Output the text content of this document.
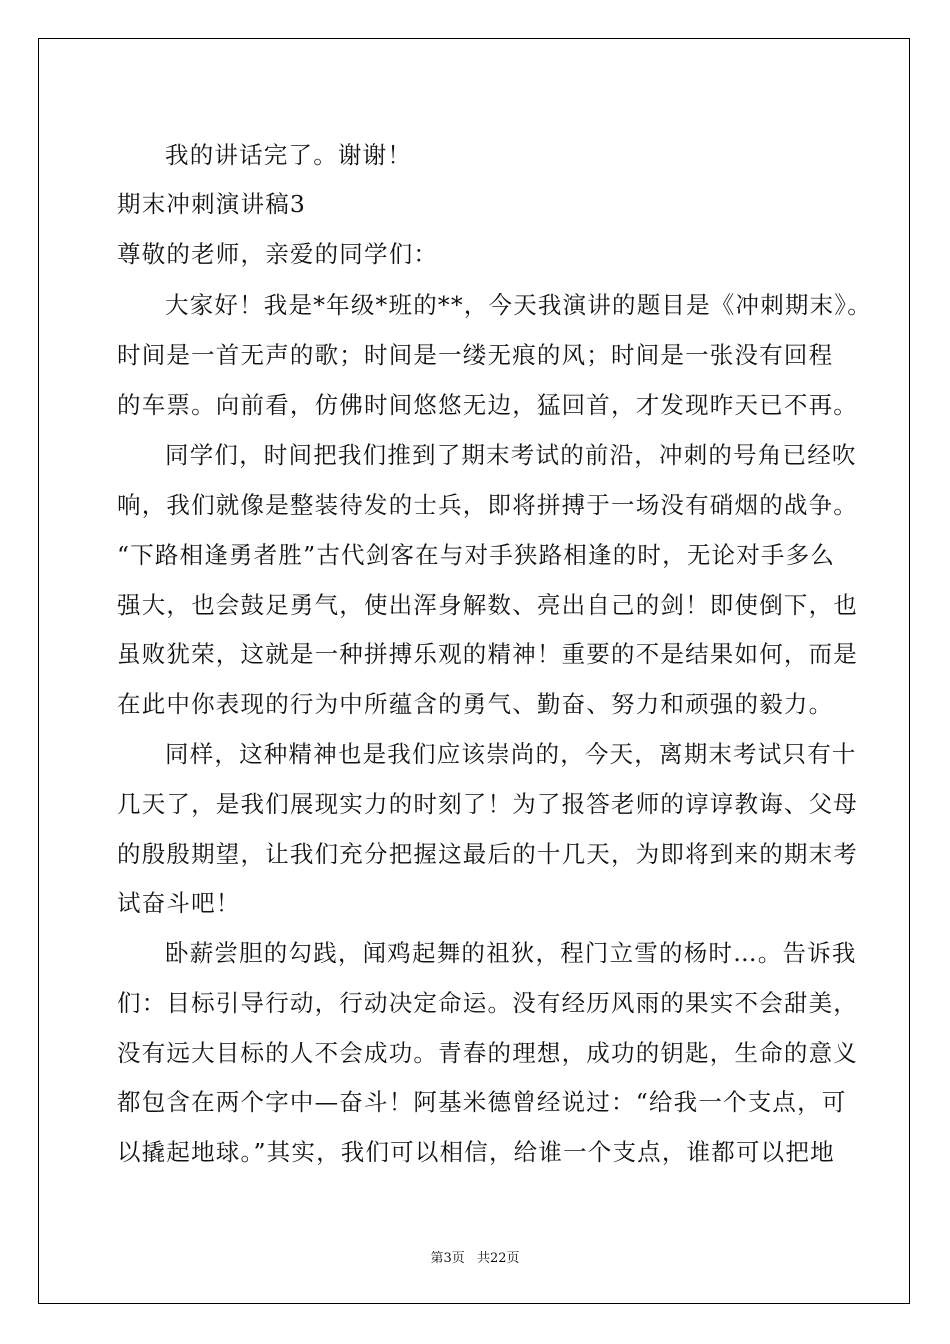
我的讲话完了。谢谢！

期末冲刺演讲稿3

尊敬的老师，亲爱的同学们：

大家好！我是*年级*班的**，今天我演讲的题目是《冲刺期末》。

时间是一首无声的歌；时间是一缕无痕的风；时间是一张没有回程

的车票。向前看，仿佛时间悠悠无边，猛回首，才发现昨天已不再。

同学们，时间把我们推到了期末考试的前沿，冲刺的号角已经吹

响，我们就像是整装待发的士兵，即将拼搏于一场没有硝烟的战争。

“下路相逢勇者胜”古代剑客在与对手狭路相逢的时，无论对手多么

强大，也会鼓足勇气，使出浑身解数、亮出自己的剑！即使倒下，也

虽败犹荣，这就是一种拼搏乐观的精神！重要的不是结果如何，而是

在此中你表现的行为中所蕴含的勇气、勤奋、努力和顽强的毅力。

同样，这种精神也是我们应该崇尚的，今天，离期末考试只有十

几天了，是我们展现实力的时刻了！为了报答老师的谆谆教诲、父母

的殷殷期望，让我们充分把握这最后的十几天，为即将到来的期末考

试奋斗吧！

卧薪尝胆的勾践，闻鸡起舞的祖狄，程门立雪的杨时…。告诉我

们：目标引导行动，行动决定命运。没有经历风雨的果实不会甜美，

没有远大目标的人不会成功。青春的理想，成功的钥匙，生命的意义

都包含在两个字中—奋斗！阿基米德曾经说过：“给我一个支点，可

以撬起地球。”其实，我们可以相信，给谁一个支点，谁都可以把地

第3页 共22页
